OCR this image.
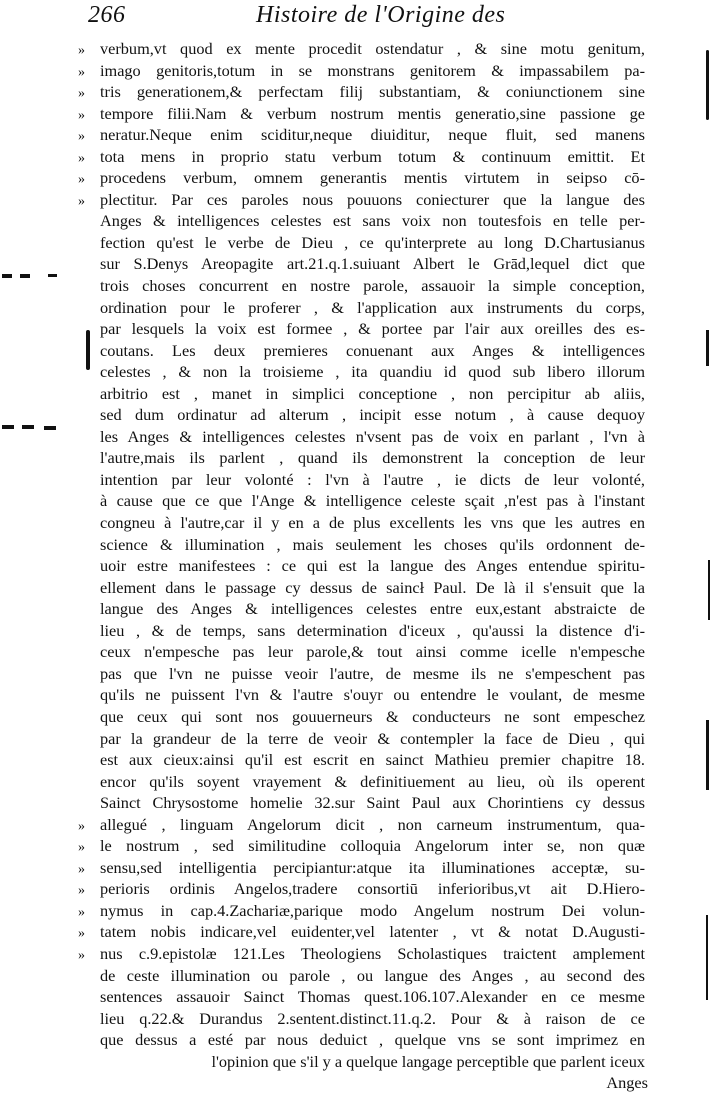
266	Histoire de l'Origine des
» verbum,vt quod ex mente procedit ostendatur , & sine motu genitum,
» imago genitoris,totum in se monstrans genitorem & impassabilem pa-
» tris generationem,& perfectam filij substantiam, & coniunctionem sine
» tempore filii.Nam & verbum nostrum mentis generatio,sine passione ge
» neratur.Neque enim sciditur,neque diuiditur, neque fluit, sed manens
» tota mens in proprio statu verbum totum & continuum emittit. Et
» procedens verbum, omnem generantis mentis virtutem in seipso cō-
» plectitur. Par ces paroles nous pouuons coniecturer que la langue des
Anges & intelligences celestes est sans voix non toutesfois en telle per-
fection qu'est le verbe de Dieu , ce qu'interprete au long D.Chartusianus
sur S.Denys Areopagite art.21.q.1.suiuant Albert le Grād,lequel dict que
trois choses concurrent en nostre parole, assauoir la simple conception,
ordination pour le proferer , & l'application aux instruments du corps,
par lesquels la voix est formee , & portee par l'air aux oreilles des es-
coutans. Les deux premieres conuenant aux Anges & intelligences
celestes , & non la troisieme , ita quandiu id quod sub libero illorum
arbitrio est , manet in simplici conceptione , non percipitur ab aliis,
sed dum ordinatur ad alterum , incipit esse notum , à cause dequoy
les Anges & intelligences celestes n'vsent pas de voix en parlant , l'vn à
l'autre,mais ils parlent , quand ils demonstrent la conception de leur
intention par leur volonté : l'vn à l'autre , ie dicts de leur volonté,
à cause que ce que l'Ange & intelligence celeste sçait ,n'est pas à l'instant
congneu à l'autre,car il y en a de plus excellents les vns que les autres en
science & illumination , mais seulement les choses qu'ils ordonnent de-
uoir estre manifestees : ce qui est la langue des Anges entendue spiritu-
ellement dans le passage cy dessus de saincł Paul. De là il s'ensuit que la
langue des Anges & intelligences celestes entre eux,estant abstraicte de
lieu , & de temps, sans determination d'iceux , qu'aussi la distence d'i-
ceux n'empesche pas leur parole,& tout ainsi comme icelle n'empesche
pas que l'vn ne puisse veoir l'autre, de mesme ils ne s'empeschent pas
qu'ils ne puissent l'vn & l'autre s'ouyr ou entendre le voulant, de mesme
que ceux qui sont nos gouuerneurs & conducteurs ne sont empeschez
par la grandeur de la terre de veoir & contempler la face de Dieu , qui
est aux cieux:ainsi qu'il est escrit en sainct Mathieu premier chapitre 18.
encor qu'ils soyent vrayement & definitiuement au lieu, où ils operent
Sainct Chrysostome homelie 32.sur Saint Paul aux Chorintiens cy dessus
» allegué , linguam Angelorum dicit , non carneum instrumentum, qua-
» le nostrum , sed similitudine colloquia Angelorum inter se, non quæ
» sensu,sed intelligentia percipiantur:atque ita illuminationes acceptæ, su-
» perioris ordinis Angelos,tradere consortiū inferioribus,vt ait D.Hiero-
» nymus in cap.4.Zachariæ,parique modo Angelum nostrum Dei volun-
» tatem nobis indicare,vel euidenter,vel latenter , vt & notat D.Augusti-
» nus c.9.epistolæ 121.Les Theologiens Scholastiques traictent amplement
de ceste illumination ou parole , ou langue des Anges , au second des
sentences assauoir Sainct Thomas quest.106.107.Alexander en ce mesme
lieu q.22.& Durandus 2.sentent.distinct.11.q.2. Pour & à raison de ce
que dessus a esté par nous deduict , quelque vns se sont imprimez en
l'opinion que s'il y a quelque langage perceptible que parlent iceux
Anges
